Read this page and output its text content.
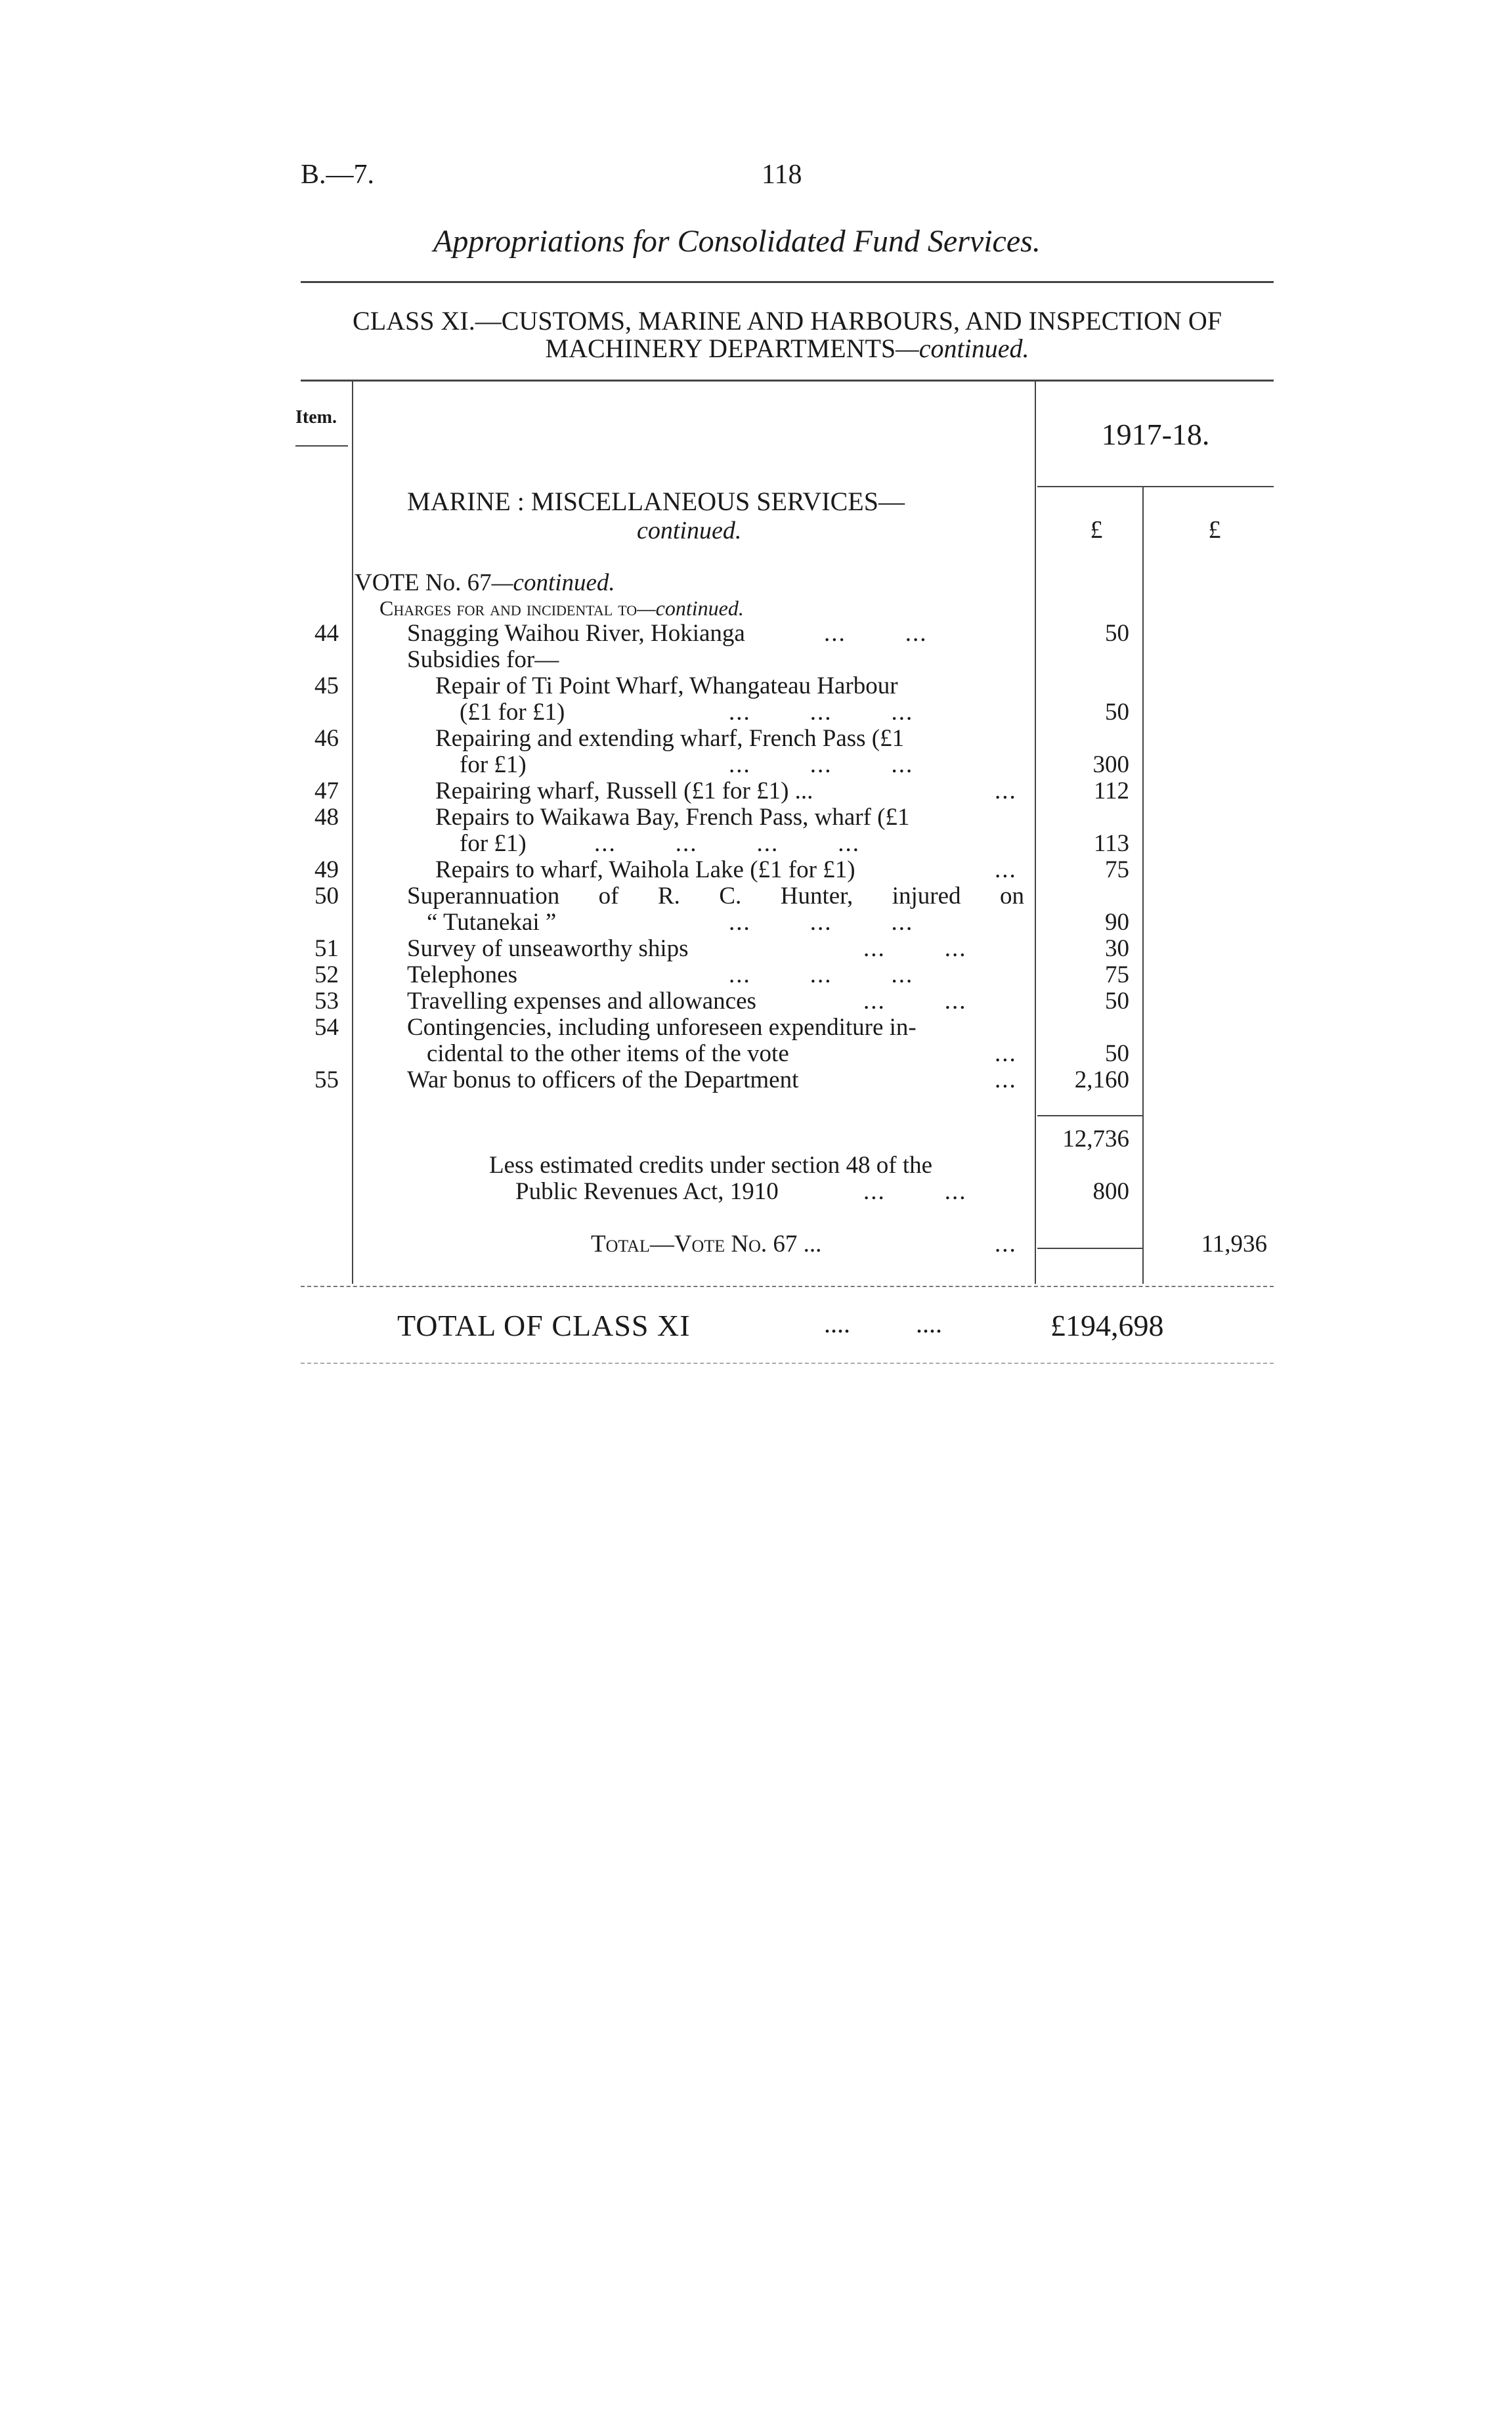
B.—7.	118
Appropriations for Consolidated Fund Services.
CLASS XI.—CUSTOMS, MARINE AND HARBOURS, AND INSPECTION OF
MACHINERY DEPARTMENTS—continued.
Item.
1917-18.
MARINE : MISCELLANEOUS SERVICES—
continued.	£	£
VOTE No. 67—continued.
Charges for and incidental to—continued.
44	Snagging Waihou River, Hokianga	...        ...	50
Subsidies for—
45	Repair of Ti Point Wharf, Whangateau Harbour
(£1 for £1)	...        ...        ...	50
46	Repairing and extending wharf, French Pass (£1
for £1)	...        ...        ...	300
47	Repairing wharf, Russell (£1 for £1) ...	...	112
48	Repairs to Waikawa Bay, French Pass, wharf (£1
for £1)	...        ...        ...        ...	113
49	Repairs to wharf, Waihola Lake (£1 for £1)	...	75
50	Superannuation of R. C. Hunter, injured on
“ Tutanekai ”	...        ...        ...	90
51	Survey of unseaworthy ships	...        ...	30
52	Telephones	...        ...        ...	75
53	Travelling expenses and allowances	...        ...	50
54	Contingencies, including unforeseen expenditure in-
cidental to the other items of the vote	...	50
55	War bonus to officers of the Department	...	2,160
12,736
Less estimated credits under section 48 of the
Public Revenues Act, 1910	...        ...	800
Total—Vote No. 67 ...	...	11,936
TOTAL OF CLASS XI	....          ....	£194,698
